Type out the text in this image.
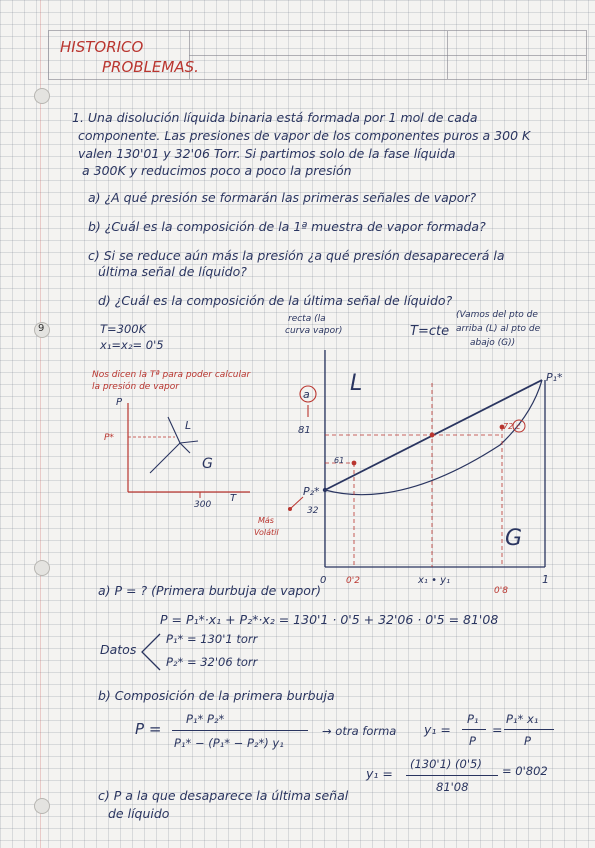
9
HISTORICO
PROBLEMAS.
1. Una disolución líquida binaria está formada por 1 mol de cada
componente. Las presiones de vapor de los componentes puros a 300 K
valen 130'01 y 32'06 Torr. Si partimos solo de la fase líquida
a 300K y reducimos poco a poco la presión
a) ¿A qué presión se formarán las primeras señales de vapor?
b) ¿Cuál es la composición de la 1ª muestra de vapor formada?
c) Si se reduce aún más la presión ¿a qué presión desaparecerá la
última señal de líquido?
d) ¿Cuál es la composición de la última señal de líquido?
T=300K
x₁=x₂= 0'5
recta (la
curva vapor)	T=cte
(Vamos del pto de
arriba (L) al pto de
abajo (G))
Nos dicen la Tª para poder calcular
la presión de vapor
P
P*
L
G
300
T
L
G
P₁*
P₂*
a
81	c
72
61
32
Más
Volátil
0 0'2	x₁ • y₁
0'8
1
a) P = ? (Primera burbuja de vapor)
P = P₁*·x₁ + P₂*·x₂ = 130'1 · 0'5 + 32'06 · 0'5 = 81'08
Datos
P₁* = 130'1 torr
P₂* = 32'06 torr
b) Composición de la primera burbuja
P =
P₁* P₂*
P₁* − (P₁* − P₂*) y₁
→ otra forma y₁ =
P₁
P
=
P₁* x₁
P
y₁ =
(130'1) (0'5)
81'08
= 0'802
c) P a la que desaparece la última señal
de líquido
